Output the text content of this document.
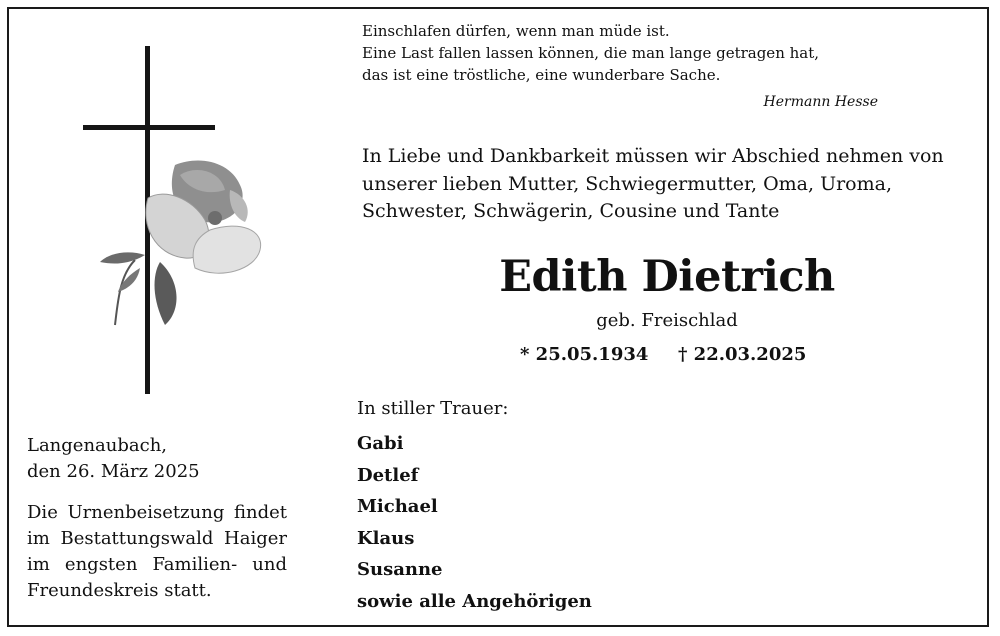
Einschlafen dürfen, wenn man müde ist.
Eine Last fallen lassen können, die man lange getragen hat,
das ist eine tröstliche, eine wunderbare Sache.
Hermann Hesse
In Liebe und Dankbarkeit müssen wir Abschied nehmen von
unserer lieben Mutter, Schwiegermutter, Oma, Uroma,
Schwester, Schwägerin, Cousine und Tante
Edith Dietrich
geb. Freischlad
* 25.05.1934 † 22.03.2025
In stiller Trauer:
Gabi
Detlef
Michael
Klaus
Susanne
sowie alle Angehörigen
Langenaubach,
den 26. März 2025
Die Urnenbeisetzung findet
im Bestattungswald Haiger
im engsten Familien- und
Freundeskreis statt.
